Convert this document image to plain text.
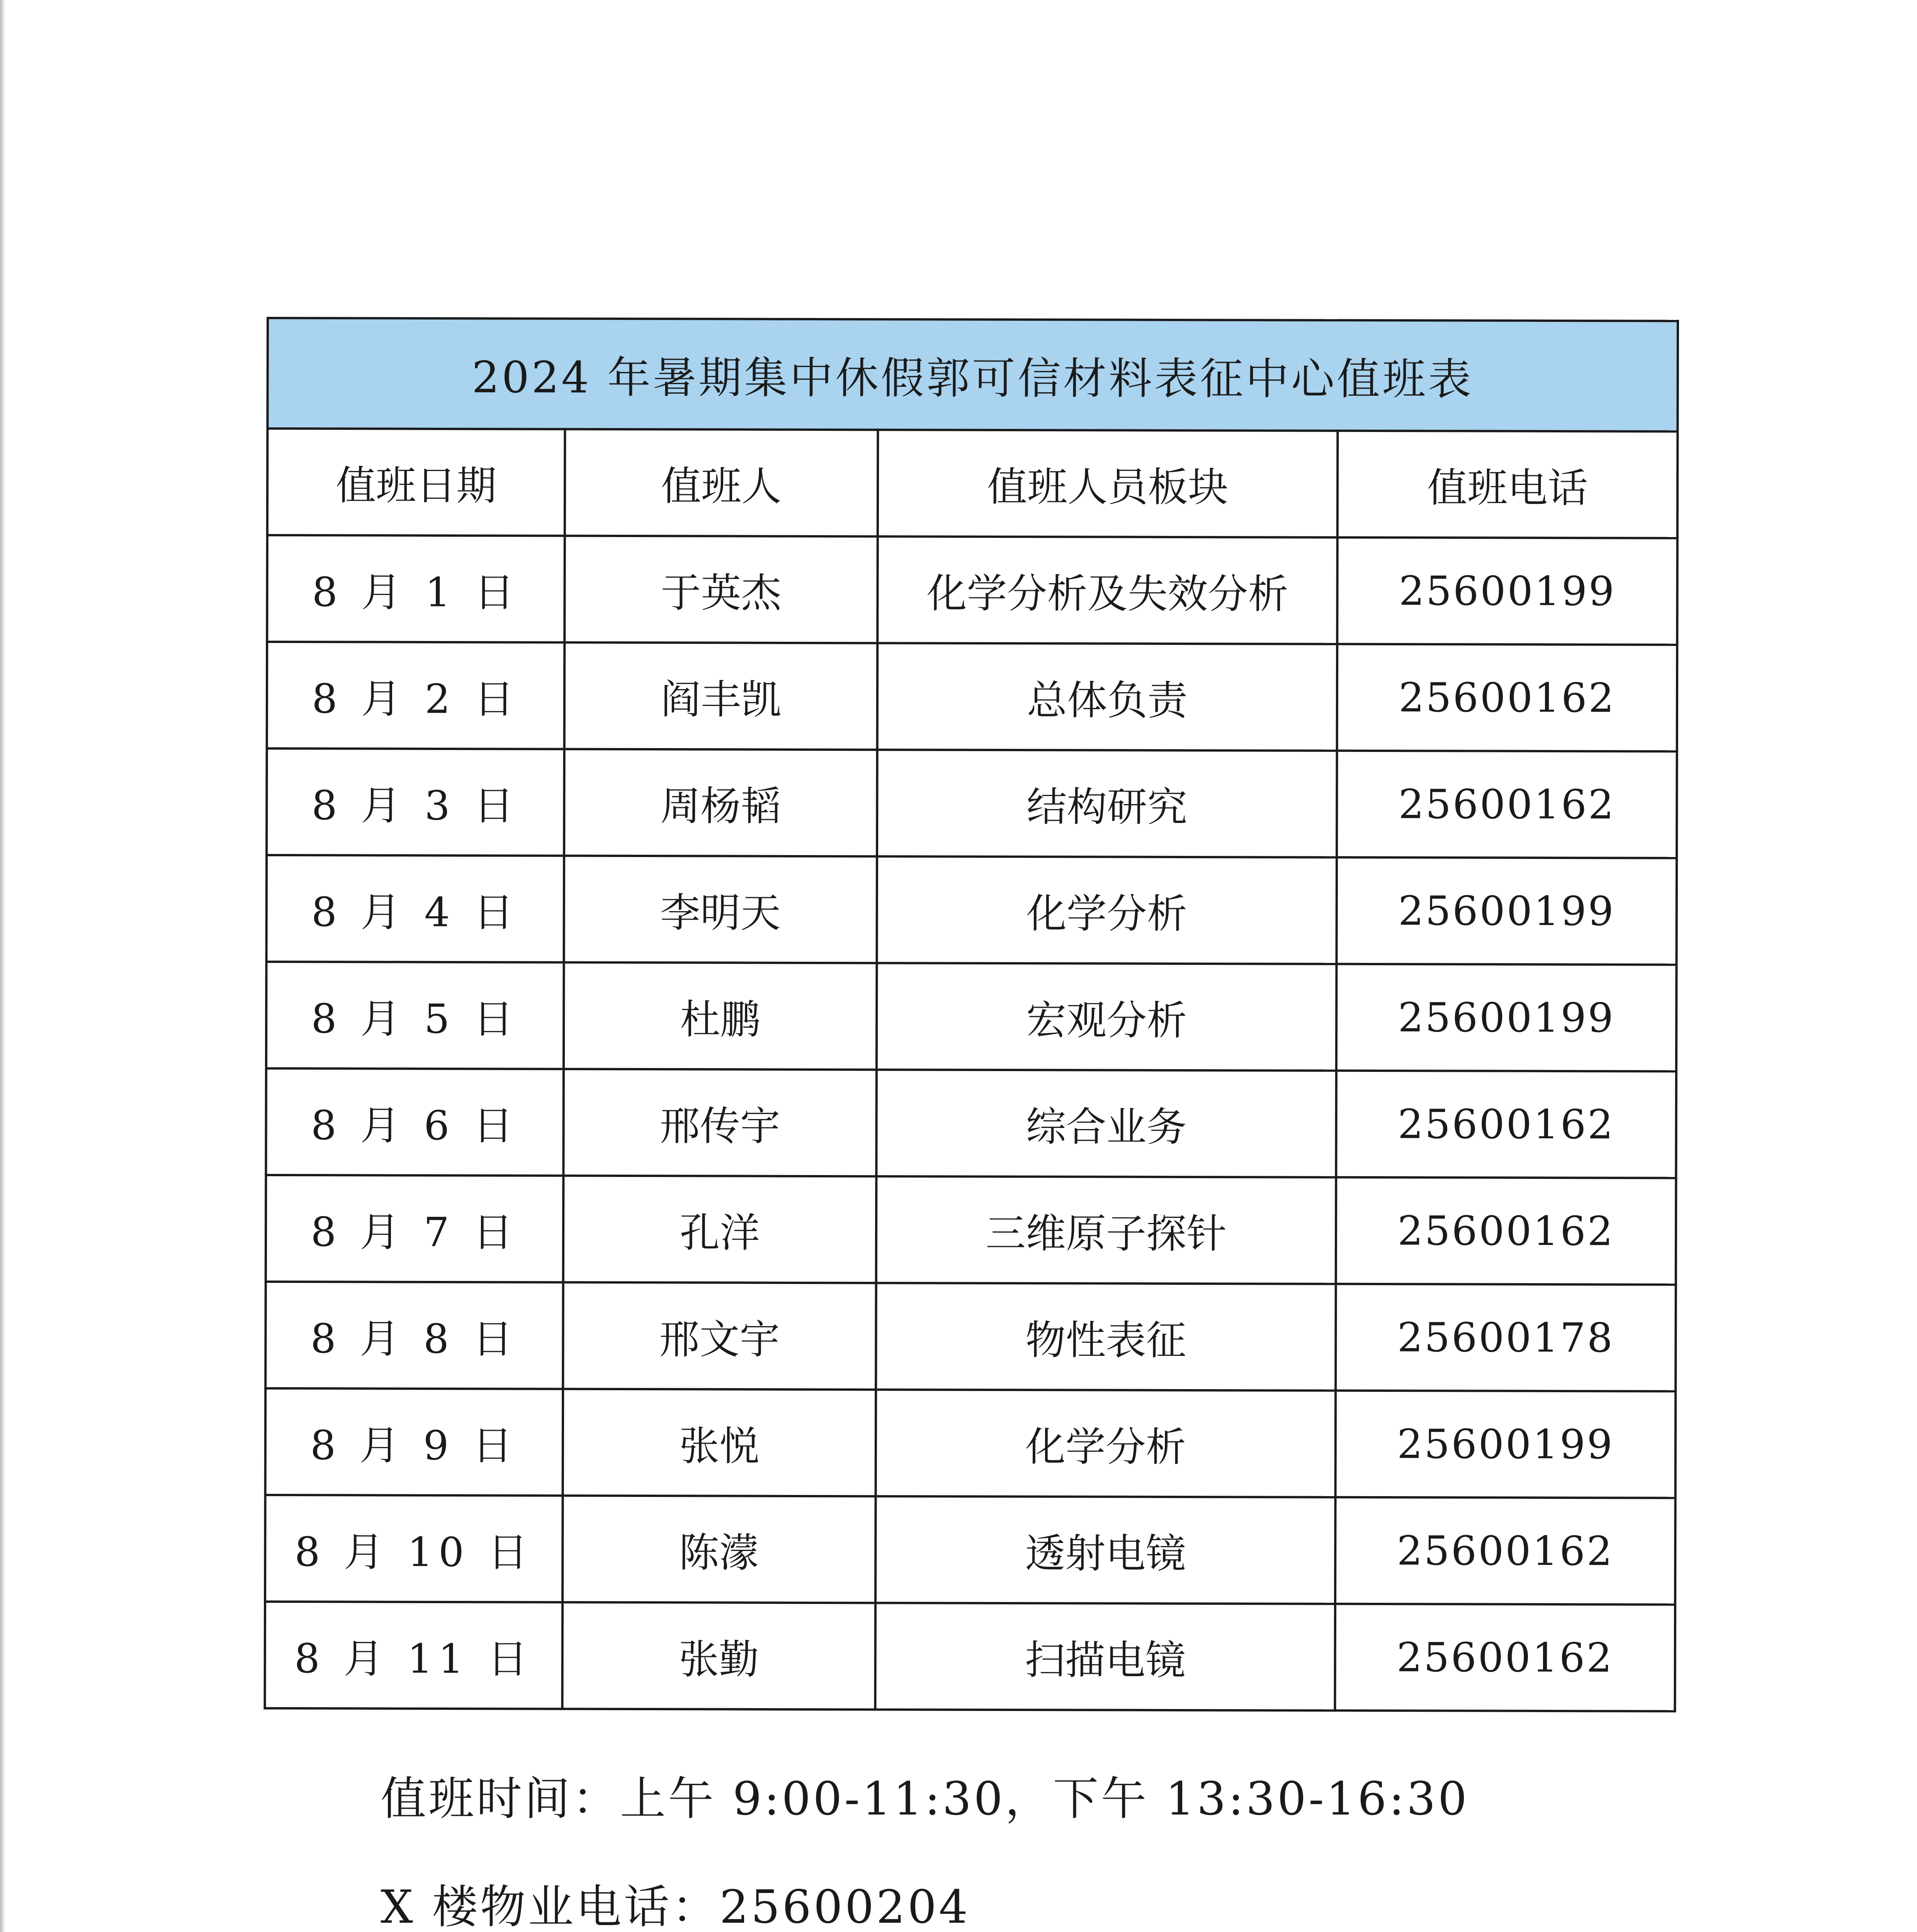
2024 年暑期集中休假郭可信材料表征中心值班表			
值班日期	值班人	值班人员板块	值班电话
8 月 1 日	于英杰	化学分析及失效分析	25600199
8 月 2 日	阎丰凯	总体负责	25600162
8 月 3 日	周杨韬	结构研究	25600162
8 月 4 日	李明天	化学分析	25600199
8 月 5 日	杜鹏	宏观分析	25600199
8 月 6 日	邢传宇	综合业务	25600162
8 月 7 日	孔洋	三维原子探针	25600162
8 月 8 日	邢文宇	物性表征	25600178
8 月 9 日	张悦	化学分析	25600199
8 月 10 日	陈濛	透射电镜	25600162
8 月 11 日	张勤	扫描电镜	25600162
值班时间：上午 9:00-11:30，下午 13:30-16:30
X 楼物业电话：25600204
